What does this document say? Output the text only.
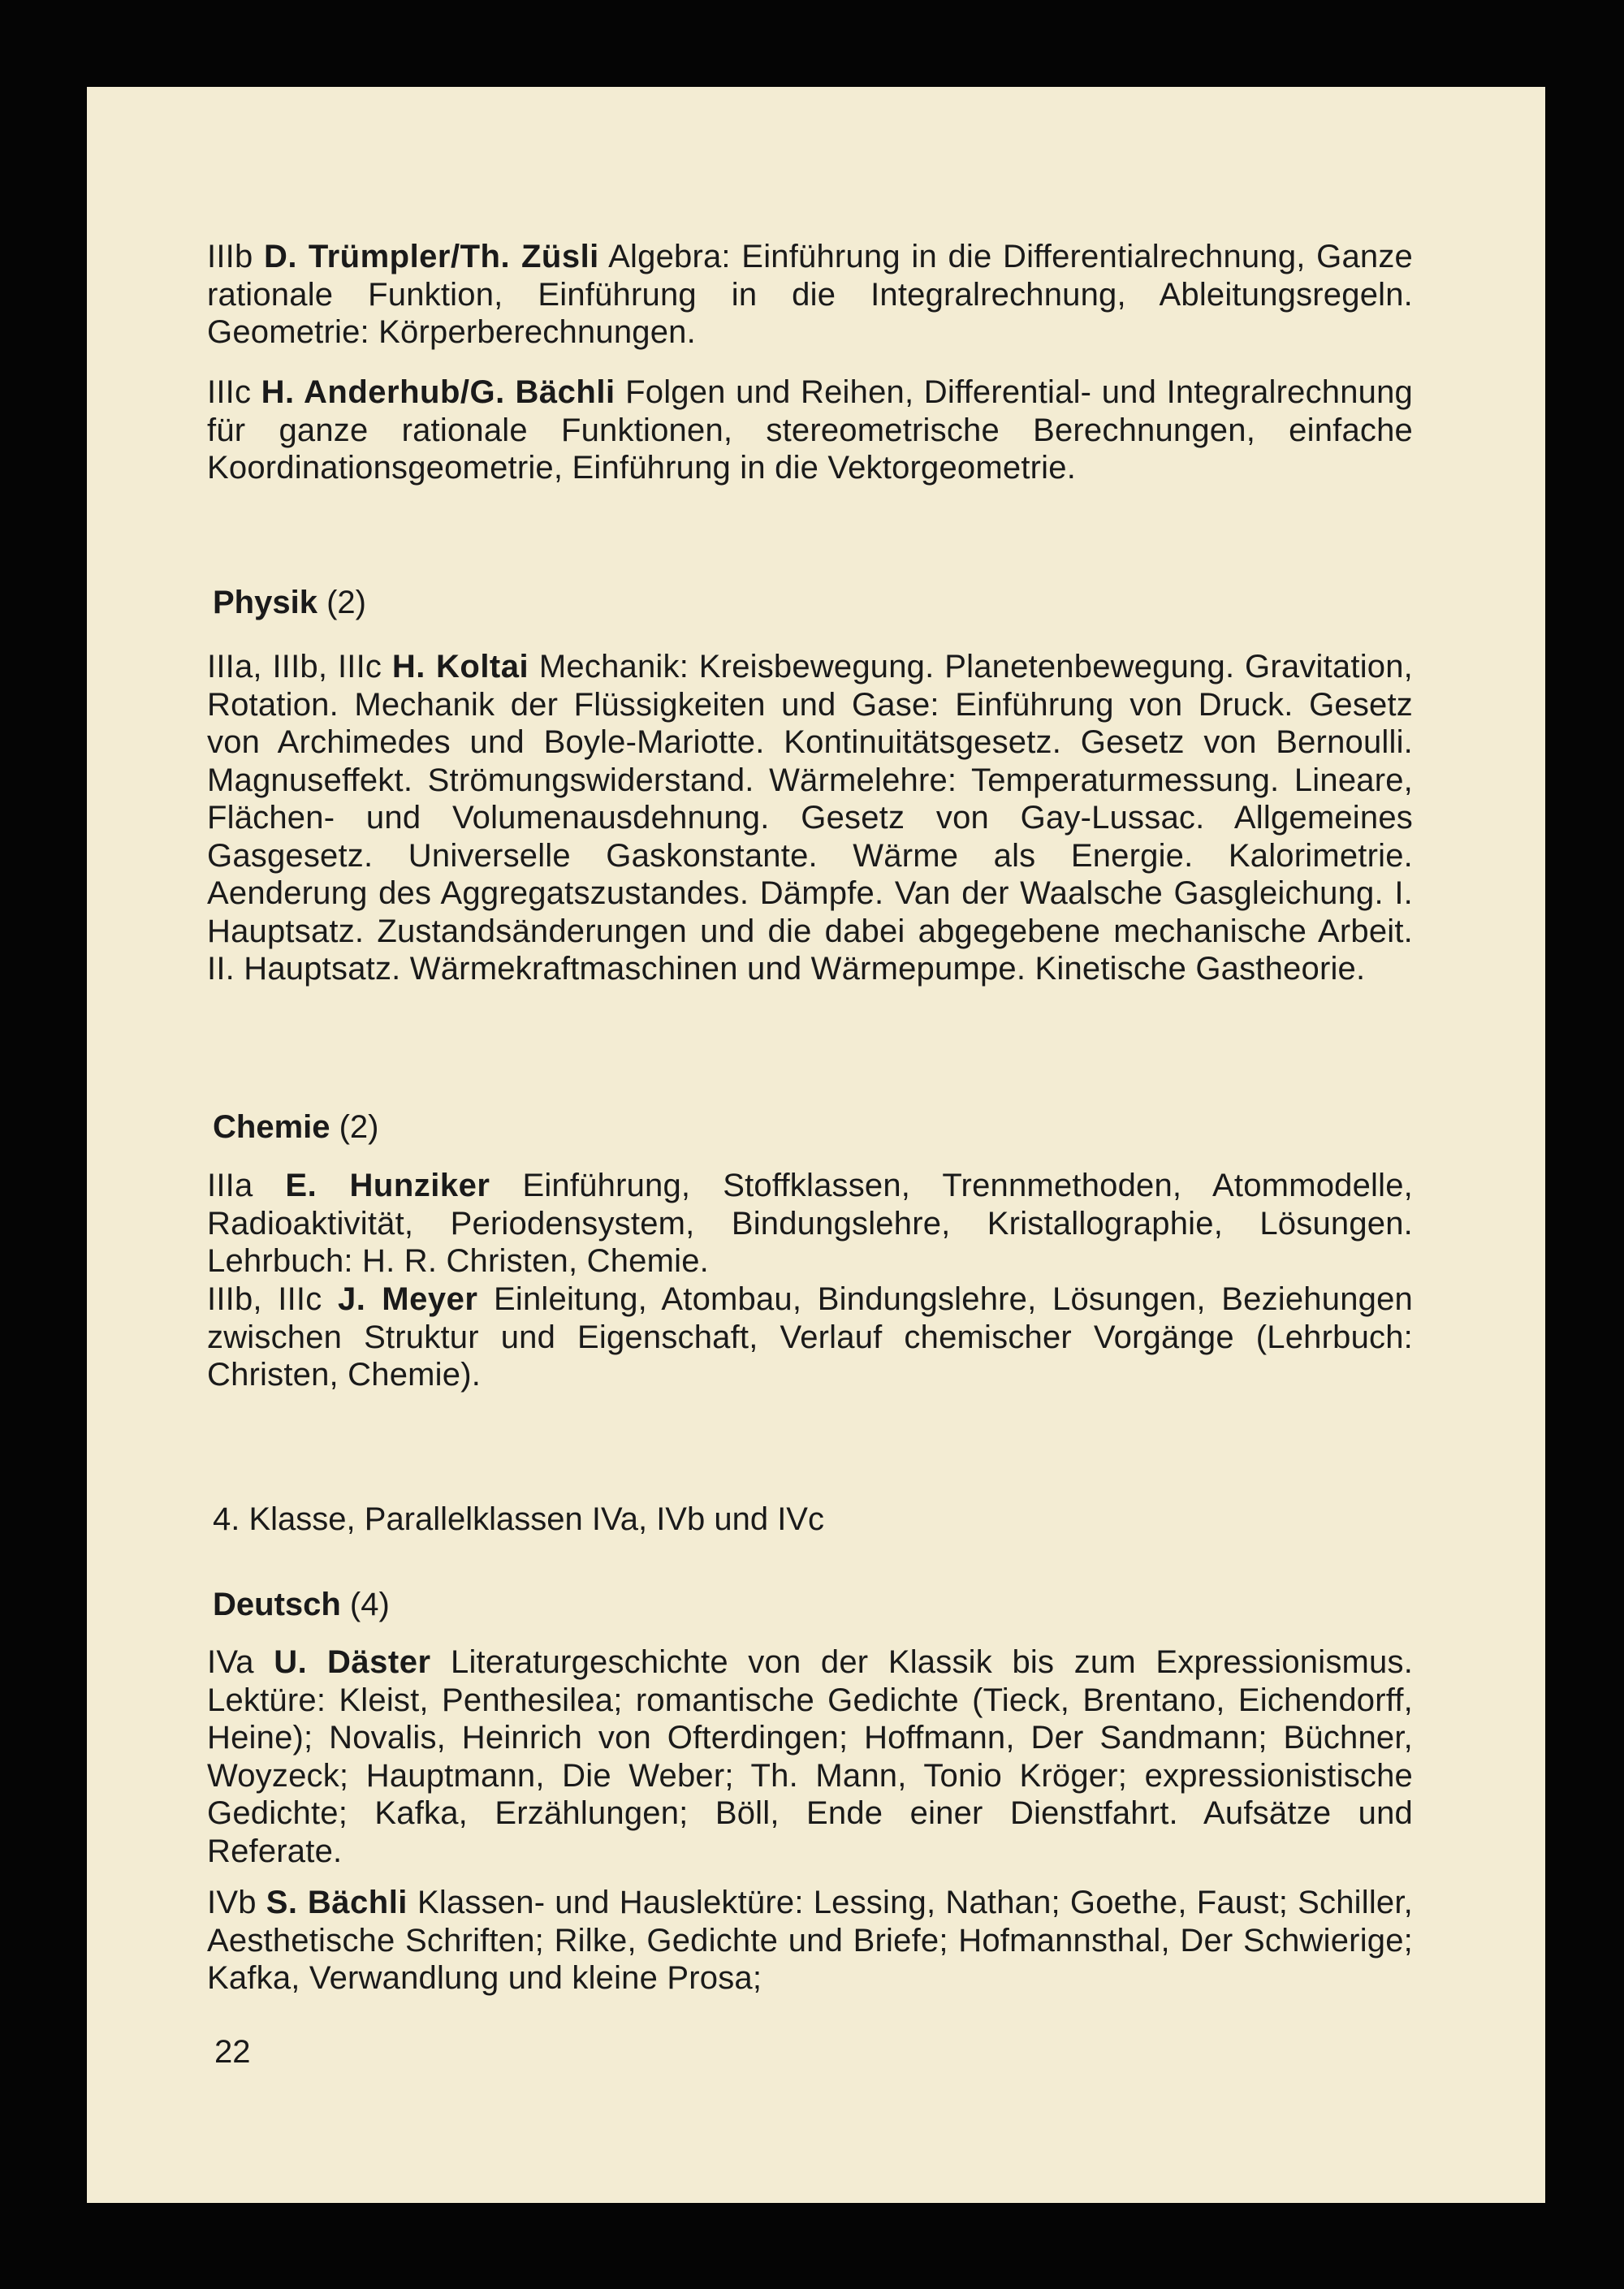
IIIb D. Trümpler/Th. Züsli Algebra: Einführung in die Differentialrechnung, Ganze rationale Funktion, Einführung in die Integralrechnung, Ableitungsregeln. Geometrie: Körperberechnungen.

IIIc H. Anderhub/G. Bächli Folgen und Reihen, Differential- und Integralrechnung für ganze rationale Funktionen, stereometrische Berechnungen, einfache Koordinationsgeometrie, Einführung in die Vektorgeometrie.

Physik (2)

IIIa, IIIb, IIIc H. Koltai Mechanik: Kreisbewegung. Planetenbewegung. Gravitation, Rotation. Mechanik der Flüssigkeiten und Gase: Einführung von Druck. Gesetz von Archimedes und Boyle-Mariotte. Kontinuitätsgesetz. Gesetz von Bernoulli. Magnuseffekt. Strömungswiderstand. Wärmelehre: Temperaturmessung. Lineare, Flächen- und Volumenausdehnung. Gesetz von Gay-Lussac. Allgemeines Gasgesetz. Universelle Gaskonstante. Wärme als Energie. Kalorimetrie. Aenderung des Aggregatszustandes. Dämpfe. Van der Waalsche Gasgleichung. I. Hauptsatz. Zustandsänderungen und die dabei abgegebene mechanische Arbeit. II. Hauptsatz. Wärmekraftmaschinen und Wärmepumpe. Kinetische Gastheorie.

Chemie (2)

IIIa E. Hunziker Einführung, Stoffklassen, Trennmethoden, Atommodelle, Radioaktivität, Periodensystem, Bindungslehre, Kristallographie, Lösungen. Lehrbuch: H. R. Christen, Chemie.

IIIb, IIIc J. Meyer Einleitung, Atombau, Bindungslehre, Lösungen, Beziehungen zwischen Struktur und Eigenschaft, Verlauf chemischer Vorgänge (Lehrbuch: Christen, Chemie).

4. Klasse, Parallelklassen IVa, IVb und IVc
Deutsch (4)

IVa U. Däster Literaturgeschichte von der Klassik bis zum Expressionismus. Lektüre: Kleist, Penthesilea; romantische Gedichte (Tieck, Brentano, Eichendorff, Heine); Novalis, Heinrich von Ofterdingen; Hoffmann, Der Sandmann; Büchner, Woyzeck; Hauptmann, Die Weber; Th. Mann, Tonio Kröger; expressionistische Gedichte; Kafka, Erzählungen; Böll, Ende einer Dienstfahrt. Aufsätze und Referate.

IVb S. Bächli Klassen- und Hauslektüre: Lessing, Nathan; Goethe, Faust; Schiller, Aesthetische Schriften; Rilke, Gedichte und Briefe; Hofmannsthal, Der Schwierige; Kafka, Verwandlung und kleine Prosa;

22
